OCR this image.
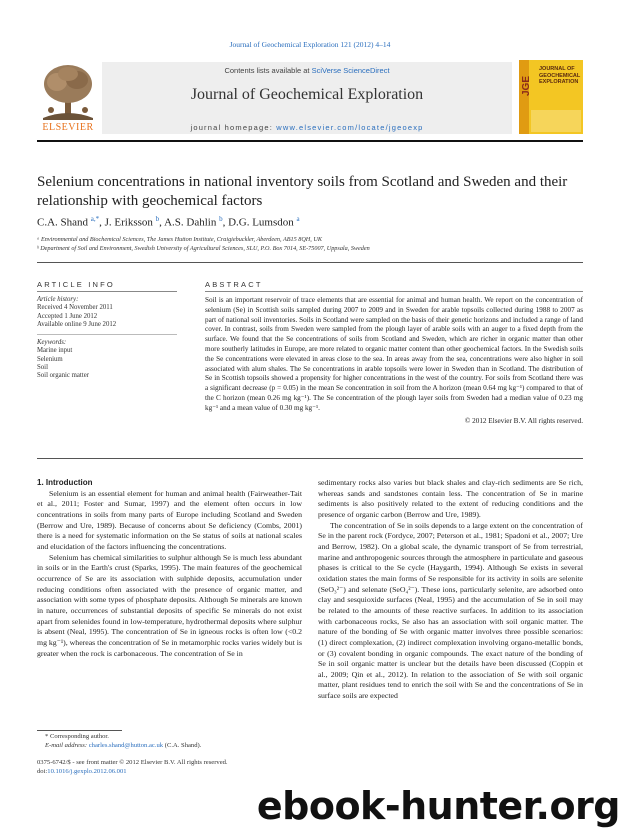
Journal of Geochemical Exploration 121 (2012) 4–14
ELSEVIER
Contents lists available at SciVerse ScienceDirect
Journal of Geochemical Exploration
journal homepage: www.elsevier.com/locate/jgeoexp
JGE
JOURNAL OF GEOCHEMICAL EXPLORATION
Selenium concentrations in national inventory soils from Scotland and Sweden and their relationship with geochemical factors
C.A. Shand $^{a,*}$, J. Eriksson $^b$, A.S. Dahlin $^b$, D.G. Lumsdon $^a$
ᵃ Environmental and Biochemical Sciences, The James Hutton Institute, Craigiebuckler, Aberdeen, AB15 8QH, UK
ᵇ Department of Soil and Environment, Swedish University of Agricultural Sciences, SLU, P.O. Box 7014, SE-75007, Uppsala, Sweden
ARTICLE INFO	ABSTRACT
Article history:
Received 4 November 2011
Accepted 1 June 2012
Available online 9 June 2012
Keywords:
Marine input
Selenium
Soil
Soil organic matter
Soil is an important reservoir of trace elements that are essential for animal and human health. We report on the concentration of selenium (Se) in Scottish soils sampled during 2007 to 2009 and in Sweden for arable topsoils collected during 1988 to 2007 as part of national soil inventories. Soils in Scotland were sampled on the basis of their genetic horizons and included a range of land cover. In contrast, soils from Sweden were sampled from the plough layer of arable soils with an auger to a fixed depth from the surface. We found that the Se concentrations of soils from Scotland and Sweden, which are richer in organic matter than other more southerly latitudes in Europe, are more related to organic matter content than other geochemical factors. In the Swedish soils the Se concentrations were elevated in areas close to the sea. In areas away from the sea, concentrations were also higher in soil associated with alum shales. The Se concentrations in arable topsoils were lower in Sweden than in Scotland. The distribution of Se in Scottish topsoils showed a propensity for higher concentrations in the west of the country. For soils from Scotland there was a significant decrease (p = 0.05) in the mean Se concentration in soil from the A horizon (mean 0.64 mg kg⁻¹) compared to that of the C horizon (mean 0.26 mg kg⁻¹). The Se concentration of the plough layer soils from Sweden had a median value of 0.23 mg kg⁻¹ and a mean value of 0.30 mg kg⁻¹.
© 2012 Elsevier B.V. All rights reserved.

1. Introduction

Selenium is an essential element for human and animal health (Fairweather-Tait et al., 2011; Foster and Sumar, 1997) and the element often occurs in low concentrations in soils from many parts of Europe including Scotland and Sweden (Berrow and Ure, 1989). Because of concerns about Se deficiency (Combs, 2001) there is a need for systematic information on the Se status of soils at national scales and elucidation of the factors influencing the concentrations.

Selenium has chemical similarities to sulphur although Se is much less abundant in soils or in the Earth's crust (Sparks, 1995). The main features of the geochemical occurrence of Se are its association with sulphide deposits, accumulation under reducing conditions often associated with the presence of organic matter, and association with some types of phosphate deposits. Although Se minerals are known in nature, occurrences of substantial deposits of specific Se minerals do not exist apart from selenides found in low-temperature, hydrothermal deposits where sulphur is absent (Neal, 1995). The concentration of Se in igneous rocks is often low (<0.2 mg kg⁻¹), whereas the concentration of Se in metamorphic rocks varies widely but is greater when the rock is carbonaceous. The concentration of Se in

sedimentary rocks also varies but black shales and clay-rich sediments are Se rich, whereas sands and sandstones contain less. The concentration of Se in marine sediments is also positively related to the extent of reducing conditions and the presence of organic carbon (Berrow and Ure, 1989).

The concentration of Se in soils depends to a large extent on the concentration of Se in the parent rock (Fordyce, 2007; Peterson et al., 1981; Spadoni et al., 2007; Ure and Berrow, 1982). On a global scale, the dynamic transport of Se from terrestrial, marine and anthropogenic sources through the atmosphere in particulate and gaseous phases is critical to the Se cycle (Haygarth, 1994). Although Se exists in several oxidation states the main forms of Se responsible for its activity in soils are selenite (SeO₃²⁻) and selenate (SeO₄²⁻). These ions, particularly selenite, are adsorbed onto clay and sesquioxide surfaces (Neal, 1995) and the accumulation of Se in soil may be related to the amounts of these reactive surfaces. In addition to its association with carbonaceous rocks, Se also has an association with soil organic matter. The nature of the bonding of Se with organic matter involves three possible scenarios: (1) direct complexation, (2) indirect complexation involving organo-metallic bonds, or (3) covalent bonding in organic compounds. The exact nature of the bonding of Se in soil organic matter is unclear but the details have been discussed (Coppin et al., 2009; Qin et al., 2012). In relation to the association of Se with soil organic matter, plant residues tend to enrich the soil with Se and the concentrations of Se in surface soils are expected

* Corresponding author.
E-mail address: charles.shand@hutton.ac.uk (C.A. Shand).
0375-6742/$ - see front matter © 2012 Elsevier B.V. All rights reserved.
doi:10.1016/j.gexplo.2012.06.001
ebook-hunter.org
